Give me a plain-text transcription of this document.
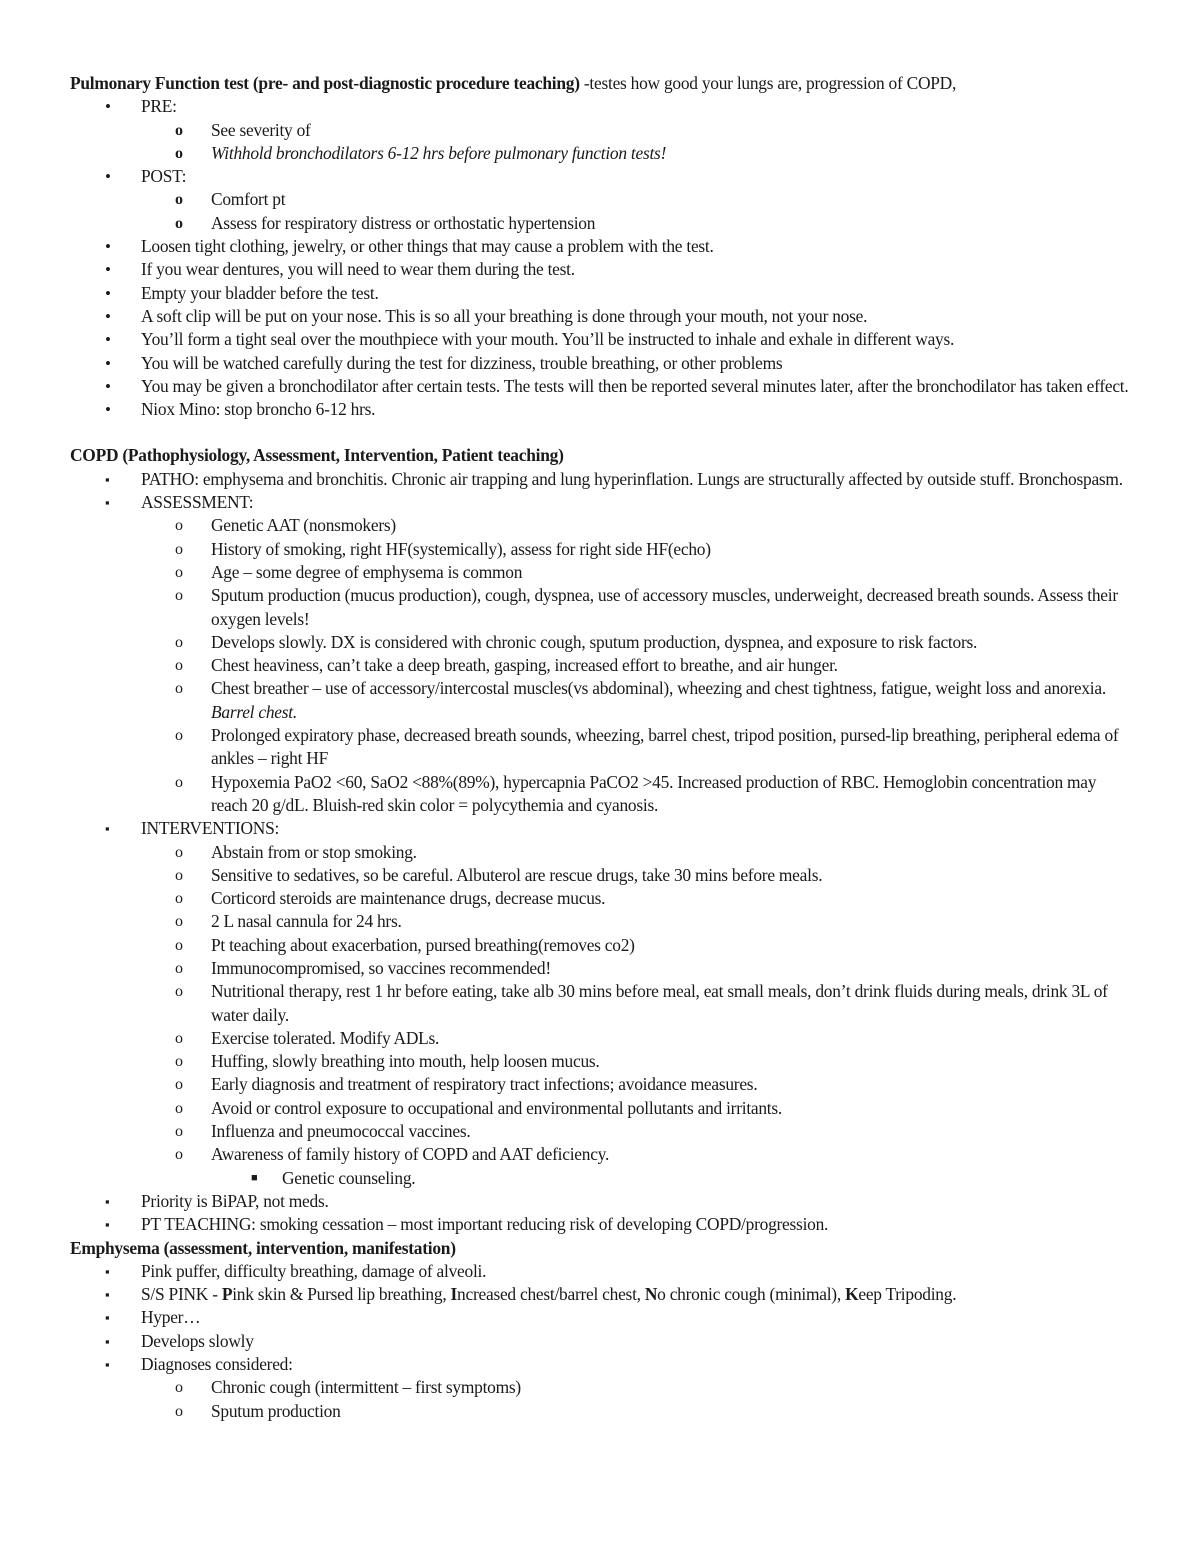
Pulmonary Function test (pre- and post-diagnostic procedure teaching) -testes how good your lungs are, progression of COPD,
• PRE:
o See severity of
o Withhold bronchodilators 6-12 hrs before pulmonary function tests!
• POST:
o Comfort pt
o Assess for respiratory distress or orthostatic hypertension
• Loosen tight clothing, jewelry, or other things that may cause a problem with the test.
• If you wear dentures, you will need to wear them during the test.
• Empty your bladder before the test.
• A soft clip will be put on your nose. This is so all your breathing is done through your mouth, not your nose.
• You’ll form a tight seal over the mouthpiece with your mouth. You’ll be instructed to inhale and exhale in different ways.
• You will be watched carefully during the test for dizziness, trouble breathing, or other problems
• You may be given a bronchodilator after certain tests. The tests will then be reported several minutes later, after the bronchodilator has taken effect.
• Niox Mino: stop broncho 6-12 hrs.
COPD (Pathophysiology, Assessment, Intervention, Patient teaching)
▪ PATHO: emphysema and bronchitis. Chronic air trapping and lung hyperinflation. Lungs are structurally affected by outside stuff. Bronchospasm.
▪ ASSESSMENT:
o Genetic AAT (nonsmokers)
o History of smoking, right HF(systemically), assess for right side HF(echo)
o Age – some degree of emphysema is common
o Sputum production (mucus production), cough, dyspnea, use of accessory muscles, underweight, decreased breath sounds. Assess their oxygen levels!
o Develops slowly. DX is considered with chronic cough, sputum production, dyspnea, and exposure to risk factors.
o Chest heaviness, can’t take a deep breath, gasping, increased effort to breathe, and air hunger.
o Chest breather – use of accessory/intercostal muscles(vs abdominal), wheezing and chest tightness, fatigue, weight loss and anorexia. Barrel chest.
o Prolonged expiratory phase, decreased breath sounds, wheezing, barrel chest, tripod position, pursed-lip breathing, peripheral edema of ankles – right HF
o Hypoxemia PaO2 <60, SaO2 <88%(89%), hypercapnia PaCO2 >45. Increased production of RBC. Hemoglobin concentration may reach 20 g/dL. Bluish-red skin color = polycythemia and cyanosis.
▪ INTERVENTIONS:
o Abstain from or stop smoking.
o Sensitive to sedatives, so be careful. Albuterol are rescue drugs, take 30 mins before meals.
o Corticord steroids are maintenance drugs, decrease mucus.
o 2 L nasal cannula for 24 hrs.
o Pt teaching about exacerbation, pursed breathing(removes co2)
o Immunocompromised, so vaccines recommended!
o Nutritional therapy, rest 1 hr before eating, take alb 30 mins before meal, eat small meals, don’t drink fluids during meals, drink 3L of water daily.
o Exercise tolerated. Modify ADLs.
o Huffing, slowly breathing into mouth, help loosen mucus.
o Early diagnosis and treatment of respiratory tract infections; avoidance measures.
o Avoid or control exposure to occupational and environmental pollutants and irritants.
o Influenza and pneumococcal vaccines.
o Awareness of family history of COPD and AAT deficiency.
■ Genetic counseling.
▪ Priority is BiPAP, not meds.
▪ PT TEACHING: smoking cessation – most important reducing risk of developing COPD/progression.
Emphysema (assessment, intervention, manifestation)
▪ Pink puffer, difficulty breathing, damage of alveoli.
▪ S/S PINK - Pink skin & Pursed lip breathing, Increased chest/barrel chest, No chronic cough (minimal), Keep Tripoding.
▪ Hyper…
▪ Develops slowly
▪ Diagnoses considered:
o Chronic cough (intermittent – first symptoms)
o Sputum production
